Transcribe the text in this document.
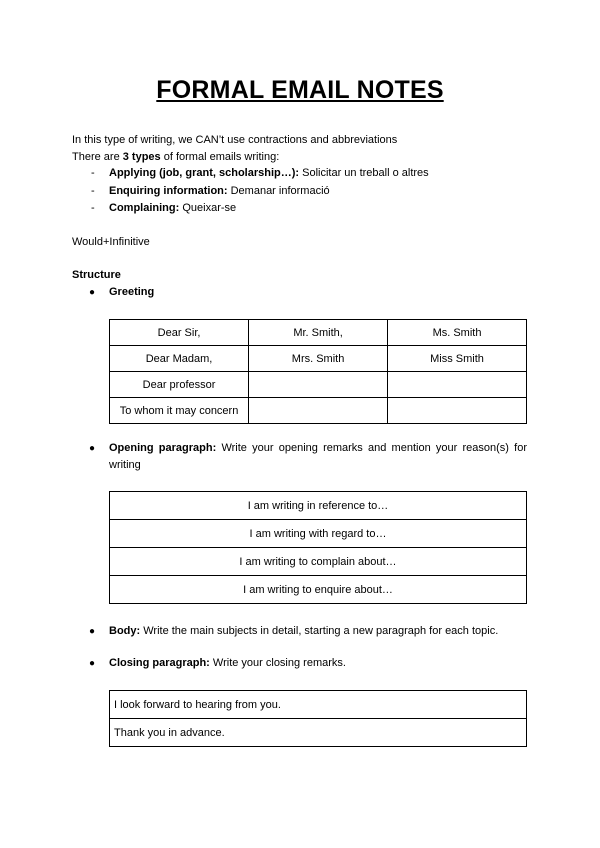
FORMAL EMAIL NOTES
In this type of writing, we CAN’t use contractions and abbreviations
There are 3 types of formal emails writing:
- Applying (job, grant, scholarship…): Solicitar un treball o altres
- Enquiring information: Demanar informació
- Complaining: Queixar-se
Would+Infinitive
Structure
● Greeting
Dear Sir,	Mr. Smith,	Ms. Smith
Dear Madam,	Mrs. Smith	Miss Smith
Dear professor		
To whom it may concern		
● Opening paragraph: Write your opening remarks and mention your reason(s) for writing
I am writing in reference to…
I am writing with regard to…
I am writing to complain about…
I am writing to enquire about…
● Body: Write the main subjects in detail, starting a new paragraph for each topic.
● Closing paragraph: Write your closing remarks.
I look forward to hearing from you.
Thank you in advance.
